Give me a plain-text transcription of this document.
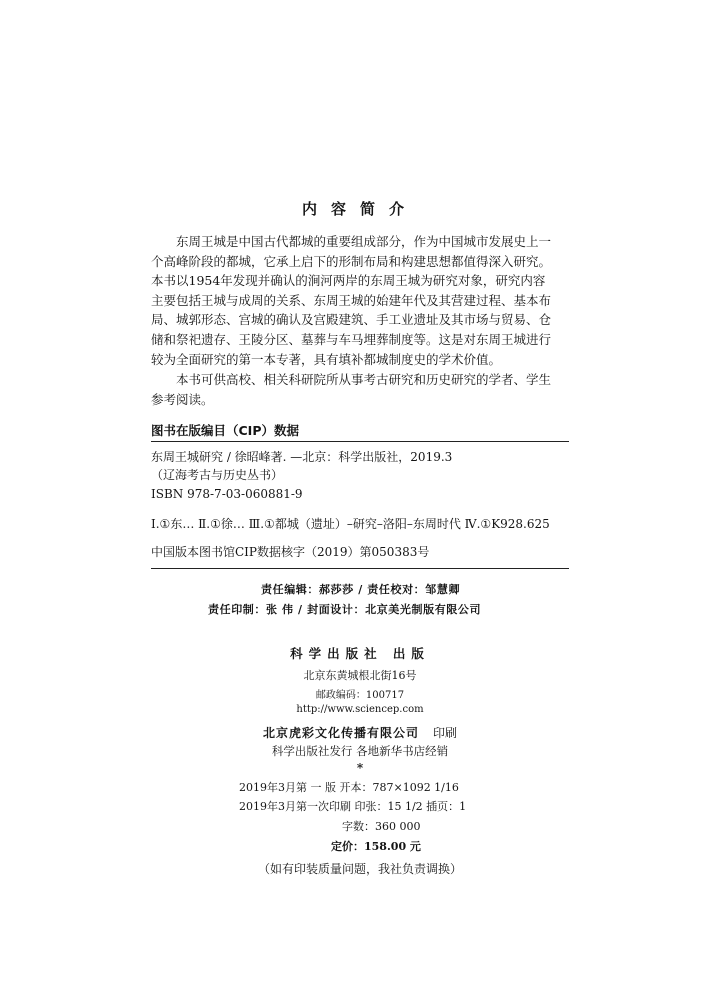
内容简介
东周王城是中国古代都城的重要组成部分，作为中国城市发展史上一
个高峰阶段的都城，它承上启下的形制布局和构建思想都值得深入研究。
本书以1954年发现并确认的涧河两岸的东周王城为研究对象，研究内容
主要包括王城与成周的关系、东周王城的始建年代及其营建过程、基本布
局、城郭形态、宫城的确认及宫殿建筑、手工业遗址及其市场与贸易、仓
储和祭祀遗存、王陵分区、墓葬与车马埋葬制度等。这是对东周王城进行
较为全面研究的第一本专著，具有填补都城制度史的学术价值。
本书可供高校、相关科研院所从事考古研究和历史研究的学者、学生
参考阅读。
图书在版编目（CIP）数据
东周王城研究 / 徐昭峰著. —北京：科学出版社，2019.3
（辽海考古与历史丛书）
ISBN 978-7-03-060881-9
Ⅰ.①东… Ⅱ.①徐… Ⅲ.①都城（遗址）–研究–洛阳–东周时代 Ⅳ.①K928.625
中国版本图书馆CIP数据核字（2019）第050383号
责任编辑：郝莎莎 / 责任校对：邹慧卿
责任印制：张 伟 / 封面设计：北京美光制版有限公司
科学出版社 出版
北京东黄城根北街16号
邮政编码：100717
http://www.sciencep.com
北京虎彩文化传播有限公司 印刷
科学出版社发行 各地新华书店经销
*
2019年3月第 一 版 开本：787×1092 1/16
2019年3月第一次印刷 印张：15 1/2 插页：1
字数：360 000
定价：158.00 元
（如有印装质量问题，我社负责调换）
